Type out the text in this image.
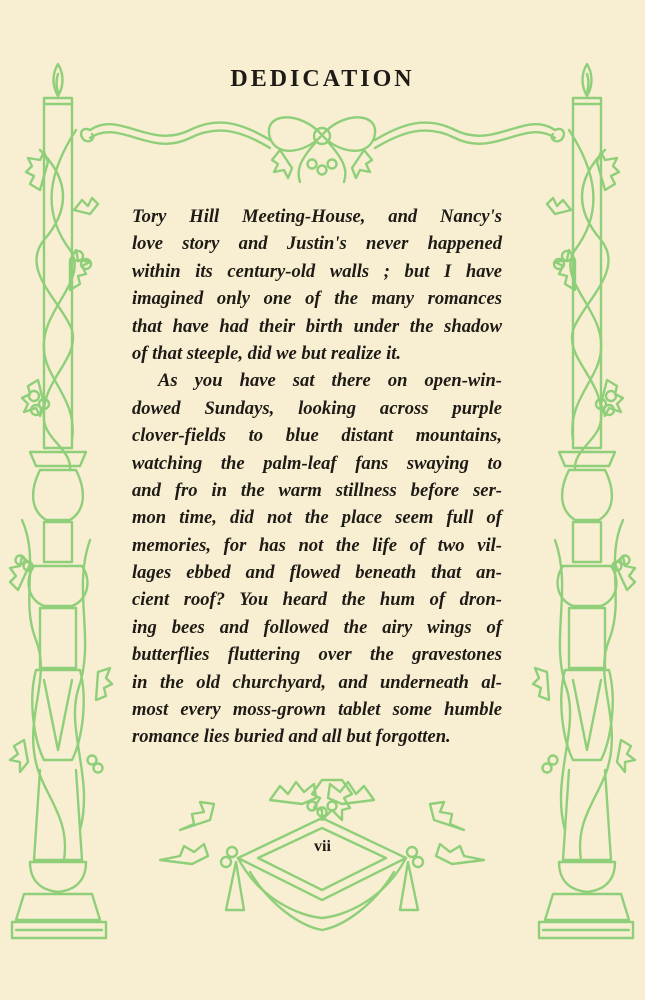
DEDICATION
Tory Hill Meeting-House, and Nancy's
love story and Justin's never happened
within its century-old walls ; but I have
imagined only one of the many romances
that have had their birth under the shadow
of that steeple, did we but realize it.
As you have sat there on open-win-
dowed Sundays, looking across purple
clover-fields to blue distant mountains,
watching the palm-leaf fans swaying to
and fro in the warm stillness before ser-
mon time, did not the place seem full of
memories, for has not the life of two vil-
lages ebbed and flowed beneath that an-
cient roof? You heard the hum of dron-
ing bees and followed the airy wings of
butterflies fluttering over the gravestones
in the old churchyard, and underneath al-
most every moss-grown tablet some humble
romance lies buried and all but forgotten.
vii
